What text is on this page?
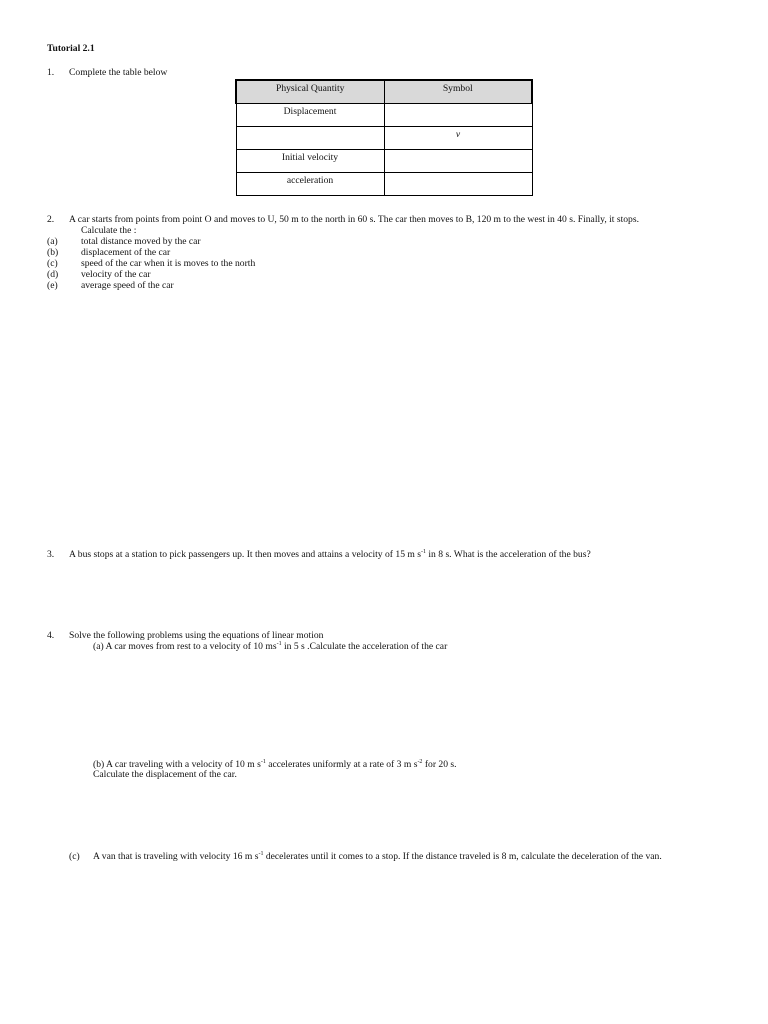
Tutorial 2.1
1. Complete the table below
Physical Quantity	Symbol
Displacement	
	v
Initial velocity	
acceleration	
2. A car starts from points from point O and moves to U, 50 m to the north in 60 s. The car then moves to B, 120 m to the west in 40 s. Finally, it stops.
Calculate the :
(a) total distance moved by the car
(b) displacement of the car
(c) speed of the car when it is moves to the north
(d) velocity of the car
(e) average speed of the car
3. A bus stops at a station to pick passengers up. It then moves and attains a velocity of 15 m $s^{-1}$ in 8 s. What is the acceleration of the bus?
4. Solve the following problems using the equations of linear motion
(a) A car moves from rest to a velocity of 10 $ms^{-1}$ in 5 s .Calculate the acceleration of the car
(b) A car traveling with a velocity of 10 m $s^{-1}$ accelerates uniformly at a rate of 3 m $s^{-2}$ for 20 s.
Calculate the displacement of the car.
(c) A van that is traveling with velocity 16 m $s^{-1}$ decelerates until it comes to a stop. If the distance traveled is 8 m, calculate the deceleration of the van.
